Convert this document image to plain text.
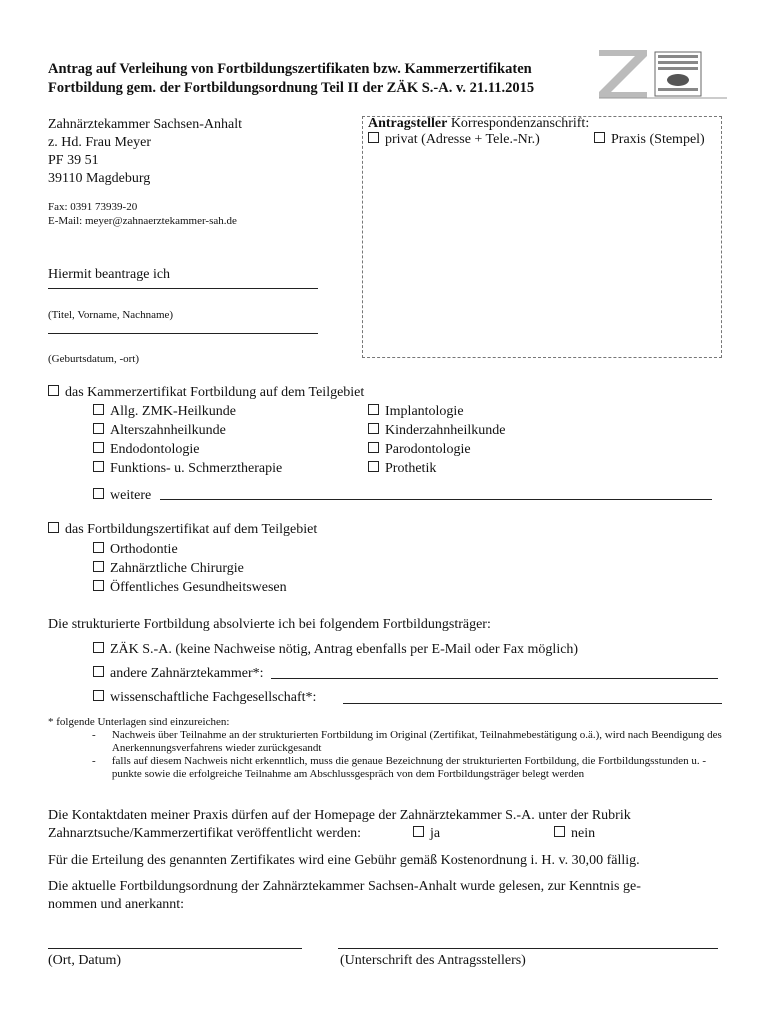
Antrag auf Verleihung von Fortbildungszertifikaten bzw. Kammerzertifikaten
Fortbildung gem. der Fortbildungsordnung Teil II der ZÄK S.-A. v. 21.11.2015
Zahnärztekammer Sachsen-Anhalt
z. Hd. Frau Meyer
PF 39 51
39110 Magdeburg
Fax: 0391 73939-20
E-Mail: meyer@zahnaerztekammer-sah.de
Antragsteller Korrespondenzanschrift:
privat (Adresse + Tele.-Nr.)	Praxis (Stempel)
Hiermit beantrage ich
(Titel, Vorname, Nachname)
(Geburtsdatum, -ort)
das Kammerzertifikat Fortbildung auf dem Teilgebiet
Allg. ZMK-Heilkunde
Alterszahnheilkunde
Endodontologie
Funktions- u. Schmerztherapie
Implantologie
Kinderzahnheilkunde
Parodontologie
Prothetik
weitere
das Fortbildungszertifikat auf dem Teilgebiet
Orthodontie
Zahnärztliche Chirurgie
Öffentliches Gesundheitswesen
Die strukturierte Fortbildung absolvierte ich bei folgendem Fortbildungsträger:
ZÄK S.-A. (keine Nachweise nötig, Antrag ebenfalls per E-Mail oder Fax möglich)
andere Zahnärztekammer*:
wissenschaftliche Fachgesellschaft*:
* folgende Unterlagen sind einzureichen:
-	Nachweis über Teilnahme an der strukturierten Fortbildung im Original (Zertifikat, Teilnahmebestätigung o.ä.), wird nach Beendigung des Anerkennungsverfahrens wieder zurückgesandt
-	falls auf diesem Nachweis nicht erkenntlich, muss die genaue Bezeichnung der strukturierten Fortbildung, die Fortbildungsstunden u. -punkte sowie die erfolgreiche Teilnahme am Abschlussgespräch von dem Fortbildungsträger belegt werden
Die Kontaktdaten meiner Praxis dürfen auf der Homepage der Zahnärztekammer S.-A. unter der Rubrik
Zahnarztsuche/Kammerzertifikat veröffentlicht werden:	ja	nein
Für die Erteilung des genannten Zertifikates wird eine Gebühr gemäß Kostenordnung i. H. v. 30,00 fällig.
Die aktuelle Fortbildungsordnung der Zahnärztekammer Sachsen-Anhalt wurde gelesen, zur Kenntnis ge-
nommen und anerkannt:
(Ort, Datum)	(Unterschrift des Antragsstellers)
